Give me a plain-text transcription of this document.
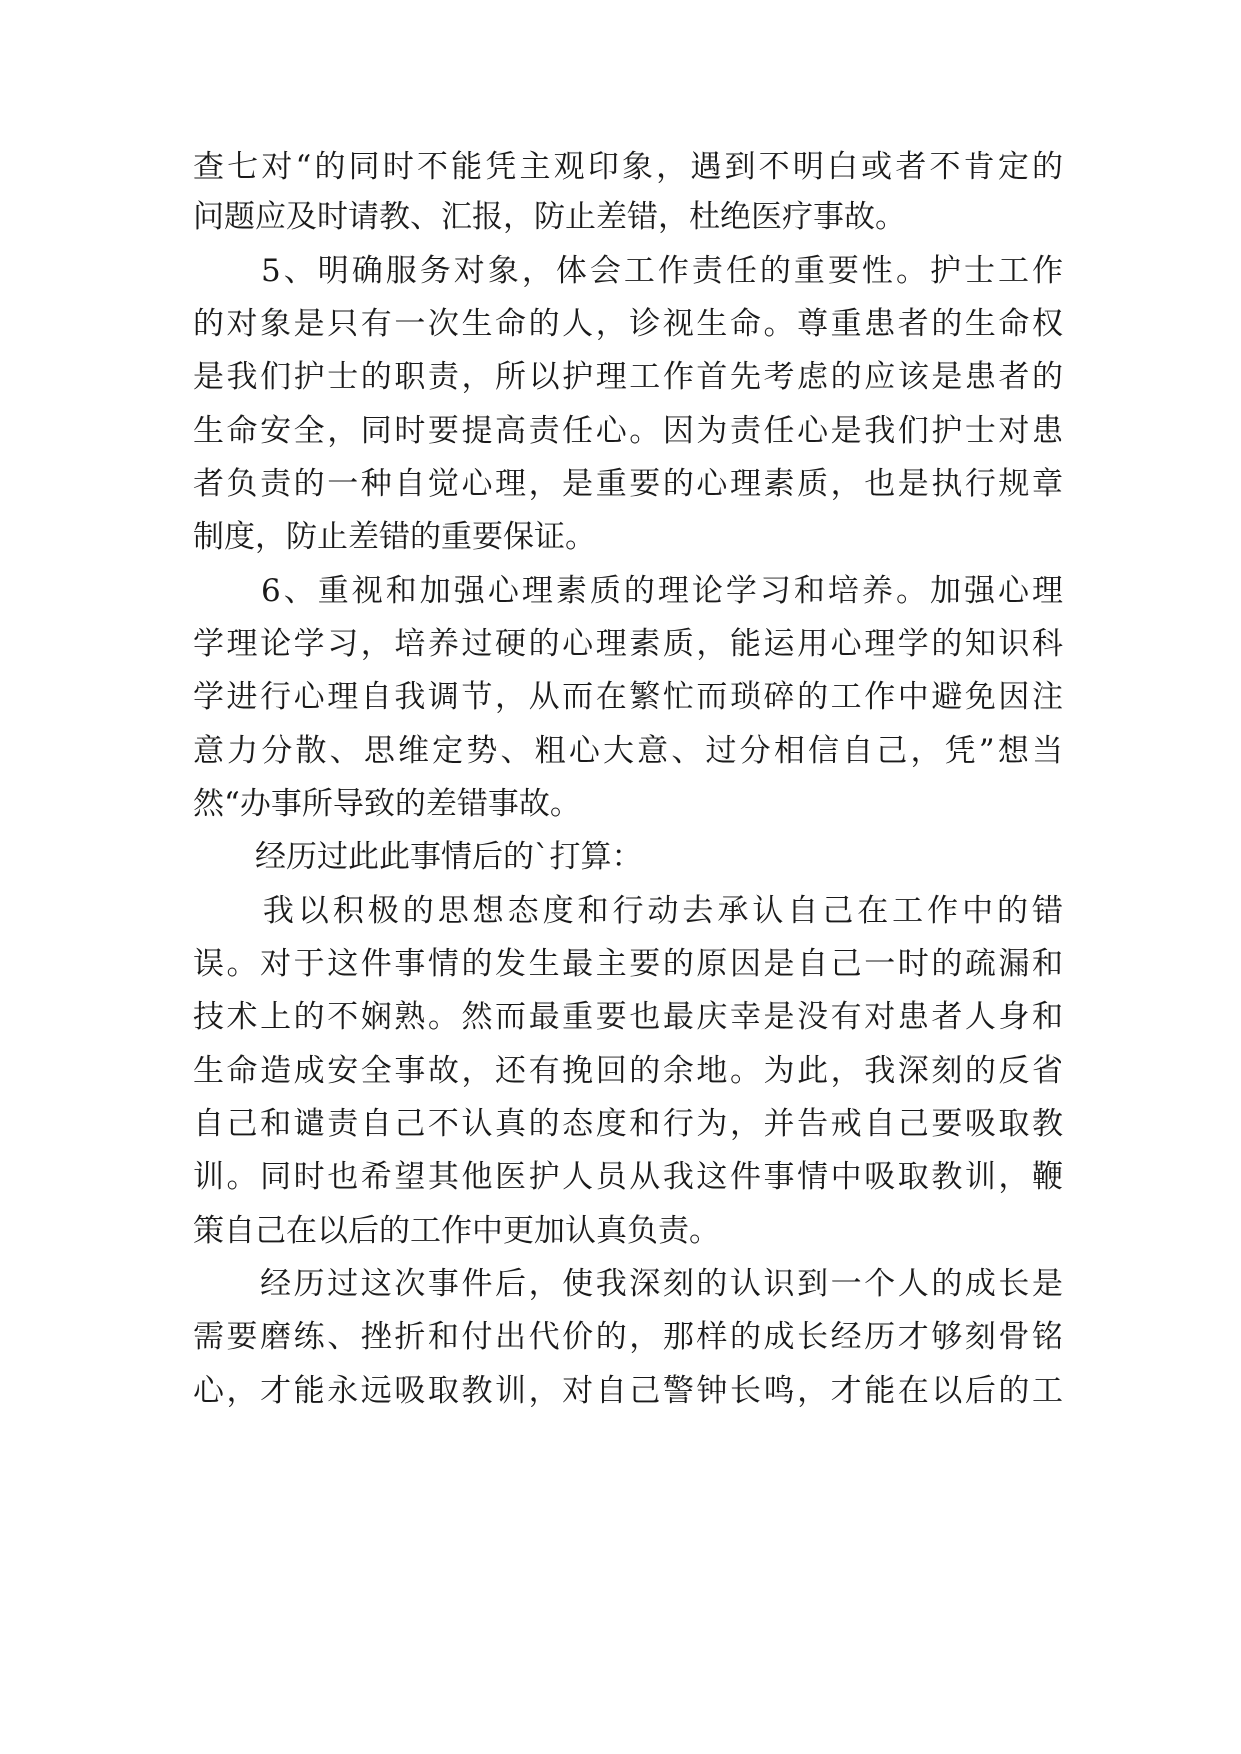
查七对“的同时不能凭主观印象，遇到不明白或者不肯定的
问题应及时请教、汇报，防止差错，杜绝医疗事故。
　　5、明确服务对象，体会工作责任的重要性。护士工作
的对象是只有一次生命的人，诊视生命。尊重患者的生命权
是我们护士的职责，所以护理工作首先考虑的应该是患者的
生命安全，同时要提高责任心。因为责任心是我们护士对患
者负责的一种自觉心理，是重要的心理素质，也是执行规章
制度，防止差错的重要保证。
　　6、重视和加强心理素质的理论学习和培养。加强心理
学理论学习，培养过硬的心理素质，能运用心理学的知识科
学进行心理自我调节，从而在繁忙而琐碎的工作中避免因注
意力分散、思维定势、粗心大意、过分相信自己，凭”想当
然“办事所导致的差错事故。
　　经历过此此事情后的`打算：
　　我以积极的思想态度和行动去承认自己在工作中的错
误。对于这件事情的发生最主要的原因是自己一时的疏漏和
技术上的不娴熟。然而最重要也最庆幸是没有对患者人身和
生命造成安全事故，还有挽回的余地。为此，我深刻的反省
自己和谴责自己不认真的态度和行为，并告戒自己要吸取教
训。同时也希望其他医护人员从我这件事情中吸取教训，鞭
策自己在以后的工作中更加认真负责。
　　经历过这次事件后，使我深刻的认识到一个人的成长是
需要磨练、挫折和付出代价的，那样的成长经历才够刻骨铭
心，才能永远吸取教训，对自己警钟长鸣，才能在以后的工
